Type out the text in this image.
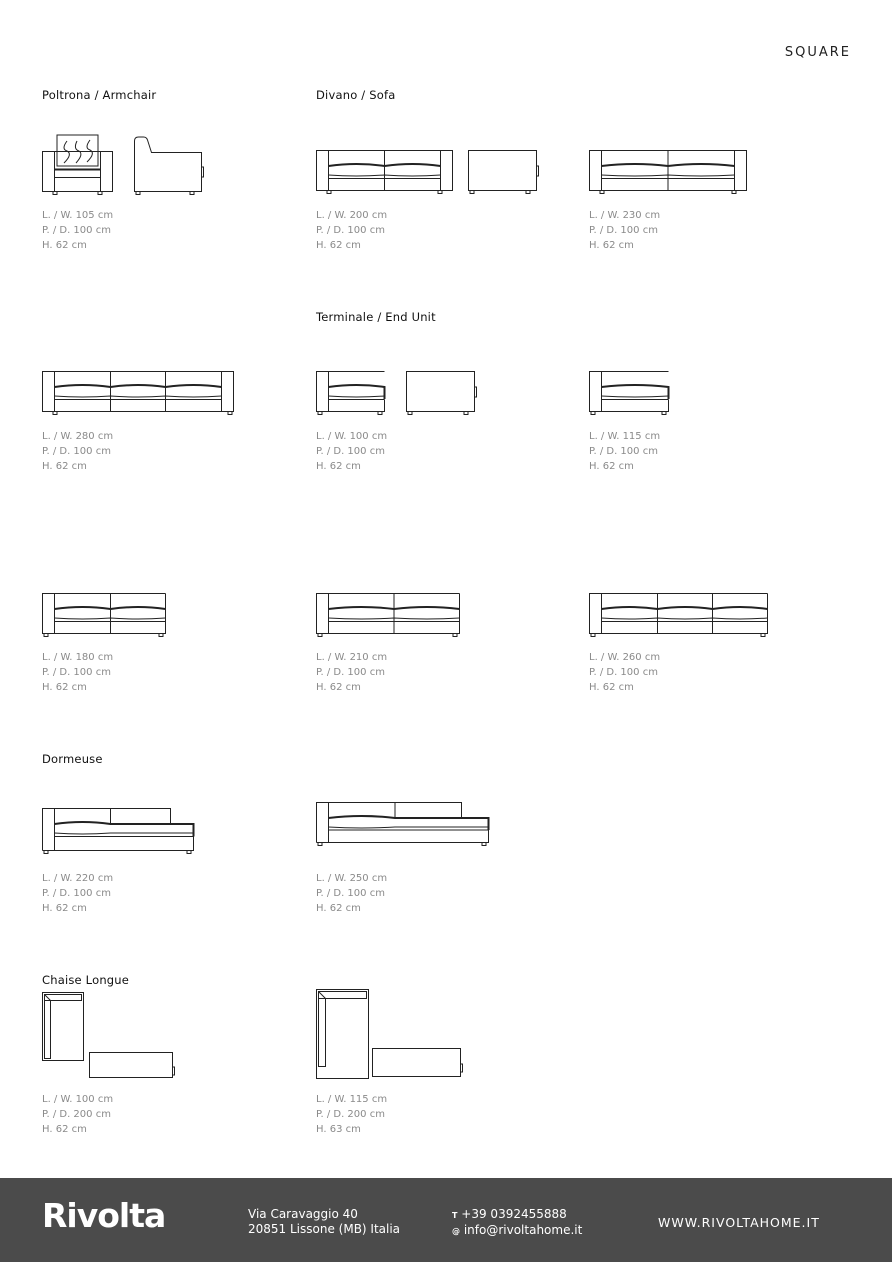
SQUARE
Poltrona / Armchair	Divano / Sofa
Terminale / End Unit
Dormeuse
Chaise Longue
L. / W. 105 cm
P. / D. 100 cm
H. 62 cm
L. / W. 200 cm
P. / D. 100 cm
H. 62 cm
L. / W. 230 cm
P. / D. 100 cm
H. 62 cm
L. / W. 280 cm
P. / D. 100 cm
H. 62 cm
L. / W. 100 cm
P. / D. 100 cm
H. 62 cm
L. / W. 115 cm
P. / D. 100 cm
H. 62 cm
L. / W. 180 cm
P. / D. 100 cm
H. 62 cm
L. / W. 210 cm
P. / D. 100 cm
H. 62 cm
L. / W. 260 cm
P. / D. 100 cm
H. 62 cm
L. / W. 220 cm
P. / D. 100 cm
H. 62 cm
L. / W. 250 cm
P. / D. 100 cm
H. 62 cm
L. / W. 100 cm
P. / D. 200 cm
H. 62 cm
L. / W. 115 cm
P. / D. 200 cm
H. 63 cm
Rivolta	Via Caravaggio 40
20851 Lissone (MB) Italia
T +39 0392455888
@ info@rivoltahome.it	WWW.RIVOLTAHOME.IT
